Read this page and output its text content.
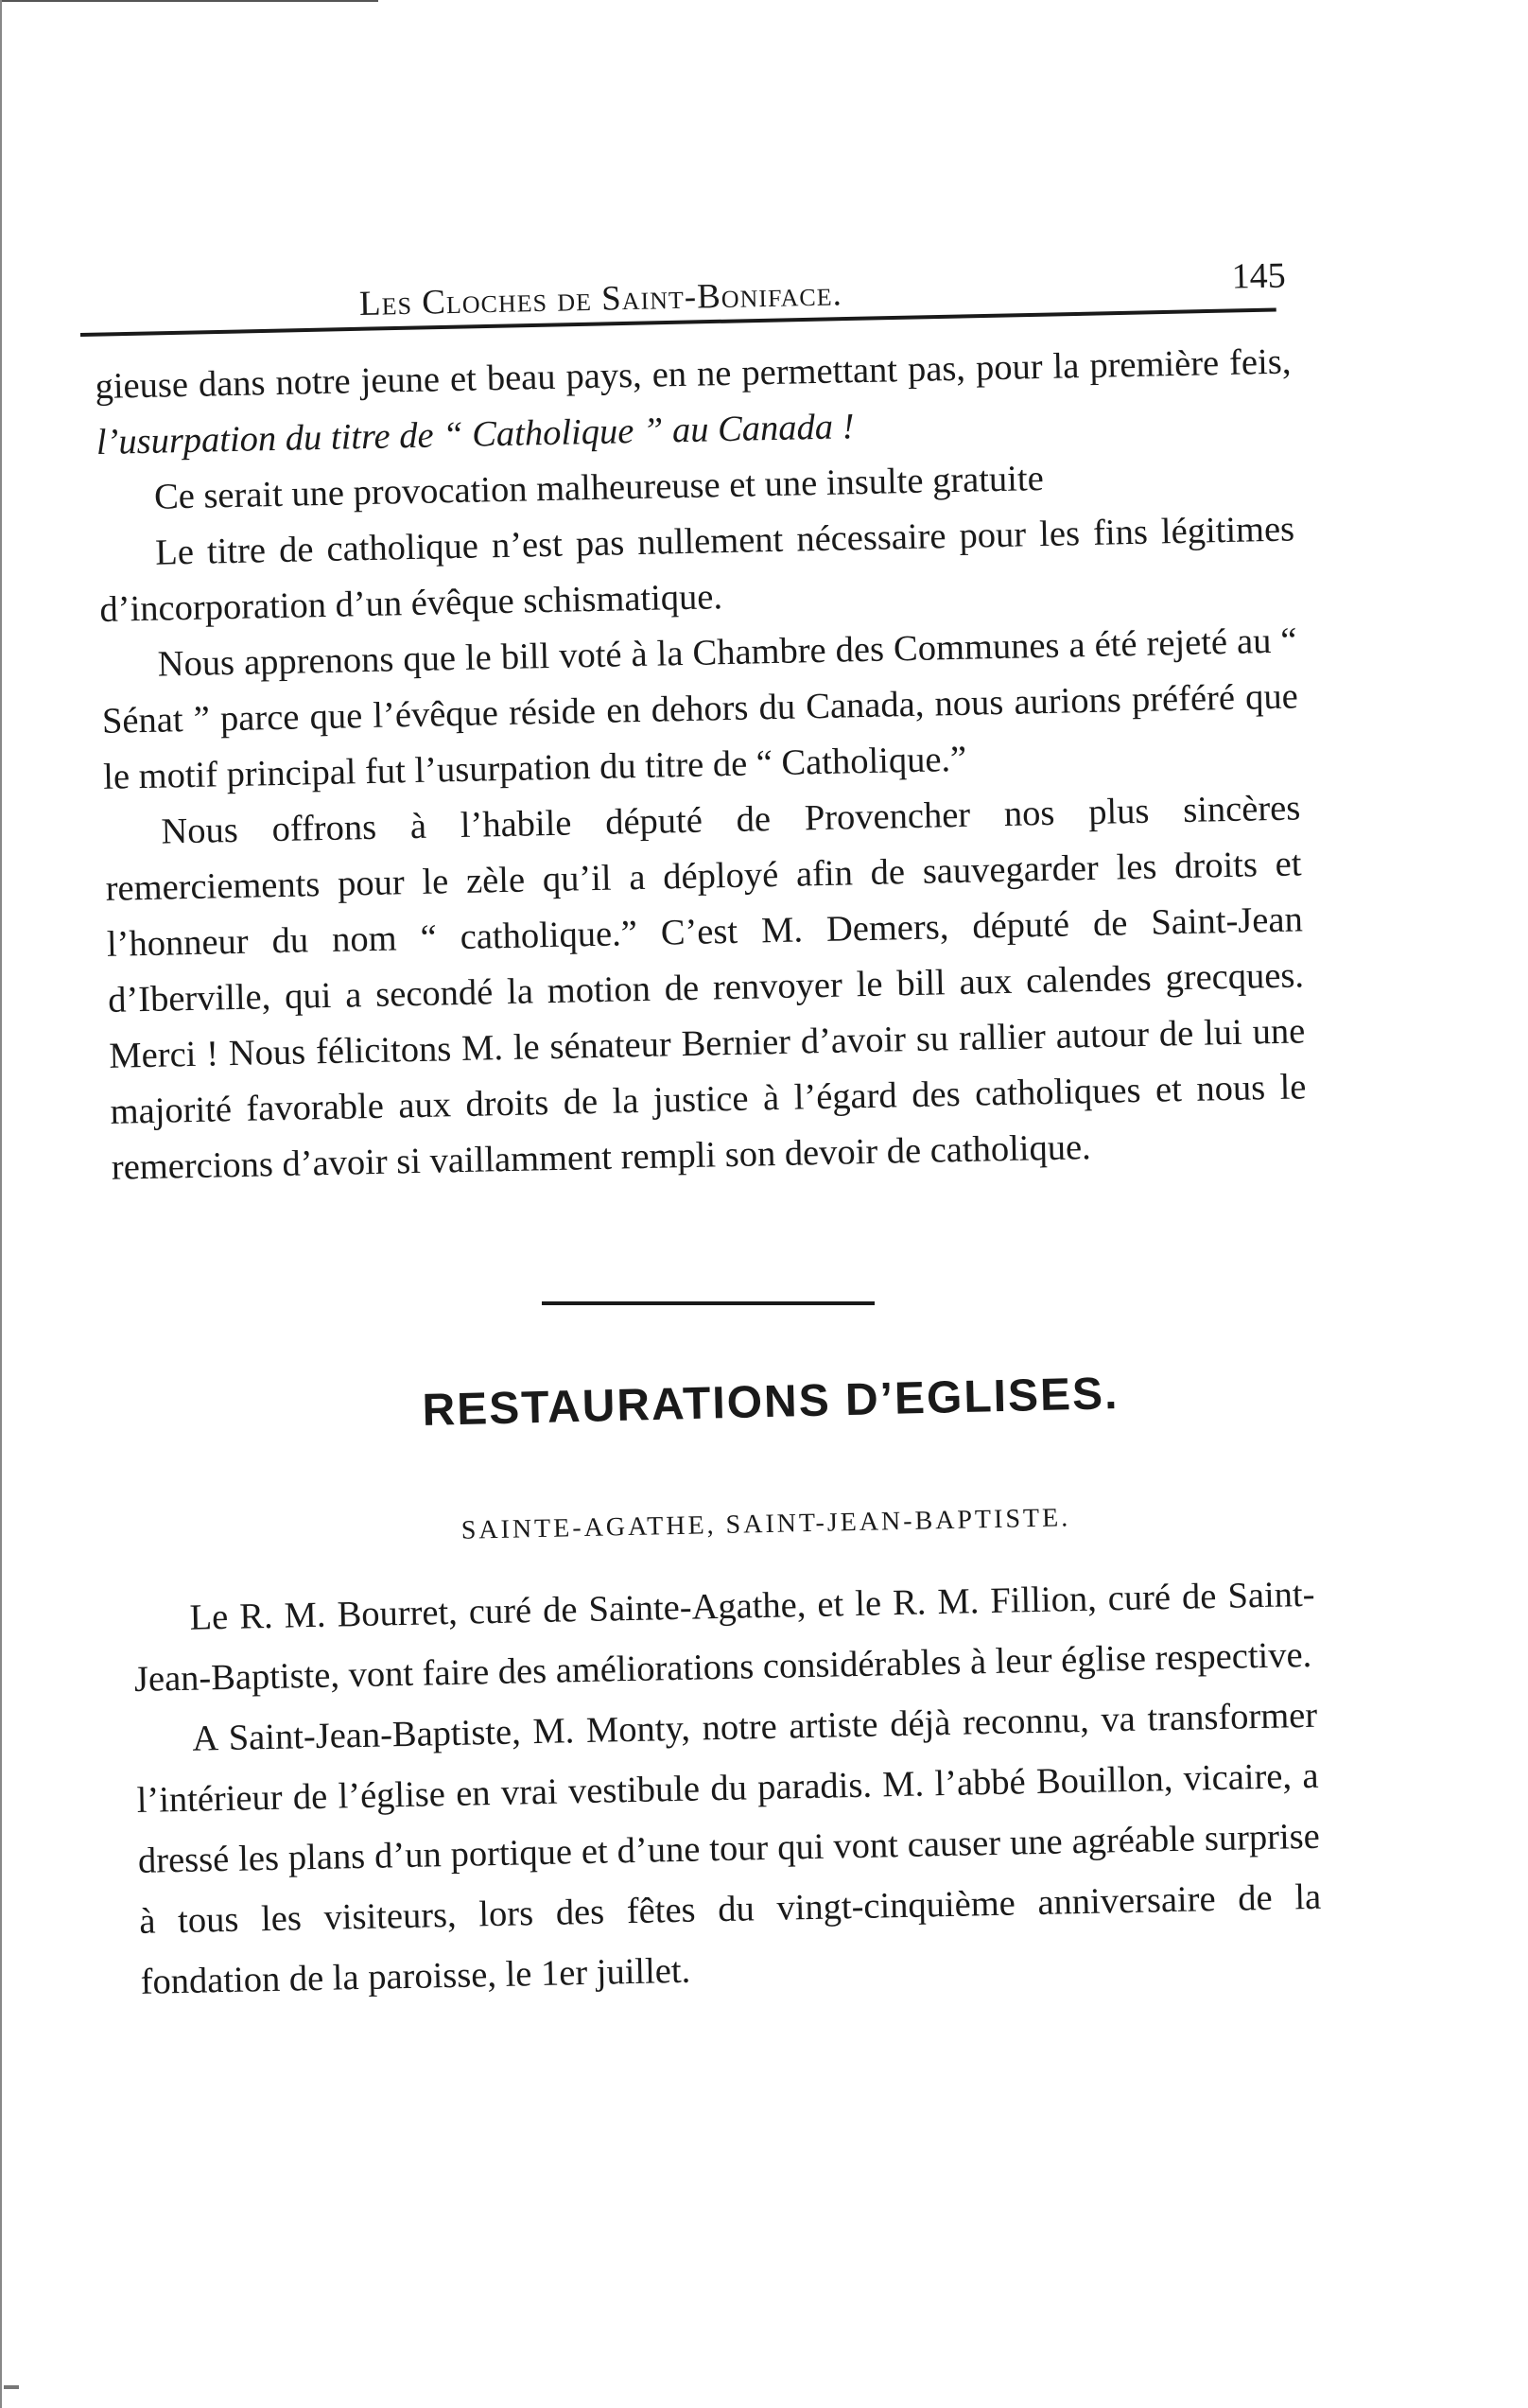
Les Cloches de Saint-Boniface.	145

gieuse dans notre jeune et beau pays, en ne permettant pas, pour la première feis, l’usurpation du titre de “ Catholique ” au Canada !

Ce serait une provocation malheureuse et une insulte gratuite

Le titre de catholique n’est pas nullement nécessaire pour les fins légitimes d’incorporation d’un évêque schismatique.

Nous apprenons que le bill voté à la Chambre des Communes a été rejeté au “ Sénat ” parce que l’évêque réside en dehors du Canada, nous aurions préféré que le motif principal fut l’usurpation du titre de “ Catholique.”

Nous offrons à l’habile député de Provencher nos plus sincères remerciements pour le zèle qu’il a déployé afin de sauvegarder les droits et l’honneur du nom “ catholique.” C’est M. Demers, député de Saint-Jean d’Iberville, qui a secondé la motion de renvoyer le bill aux calendes grecques. Merci ! Nous félicitons M. le sénateur Bernier d’avoir su rallier autour de lui une majorité favorable aux droits de la justice à l’égard des catholiques et nous le remercions d’avoir si vaillamment rempli son devoir de catholique.

RESTAURATIONS D’EGLISES.
SAINTE-AGATHE, SAINT-JEAN-BAPTISTE.

Le R. M. Bourret, curé de Sainte-Agathe, et le R. M. Fillion, curé de Saint-Jean-Baptiste, vont faire des améliorations considérables à leur église respective.

A Saint-Jean-Baptiste, M. Monty, notre artiste déjà reconnu, va transformer l’intérieur de l’église en vrai vestibule du paradis. M. l’abbé Bouillon, vicaire, a dressé les plans d’un portique et d’une tour qui vont causer une agréable surprise à tous les visiteurs, lors des fêtes du vingt-cinquième anniversaire de la fondation de la paroisse, le 1er juillet.
